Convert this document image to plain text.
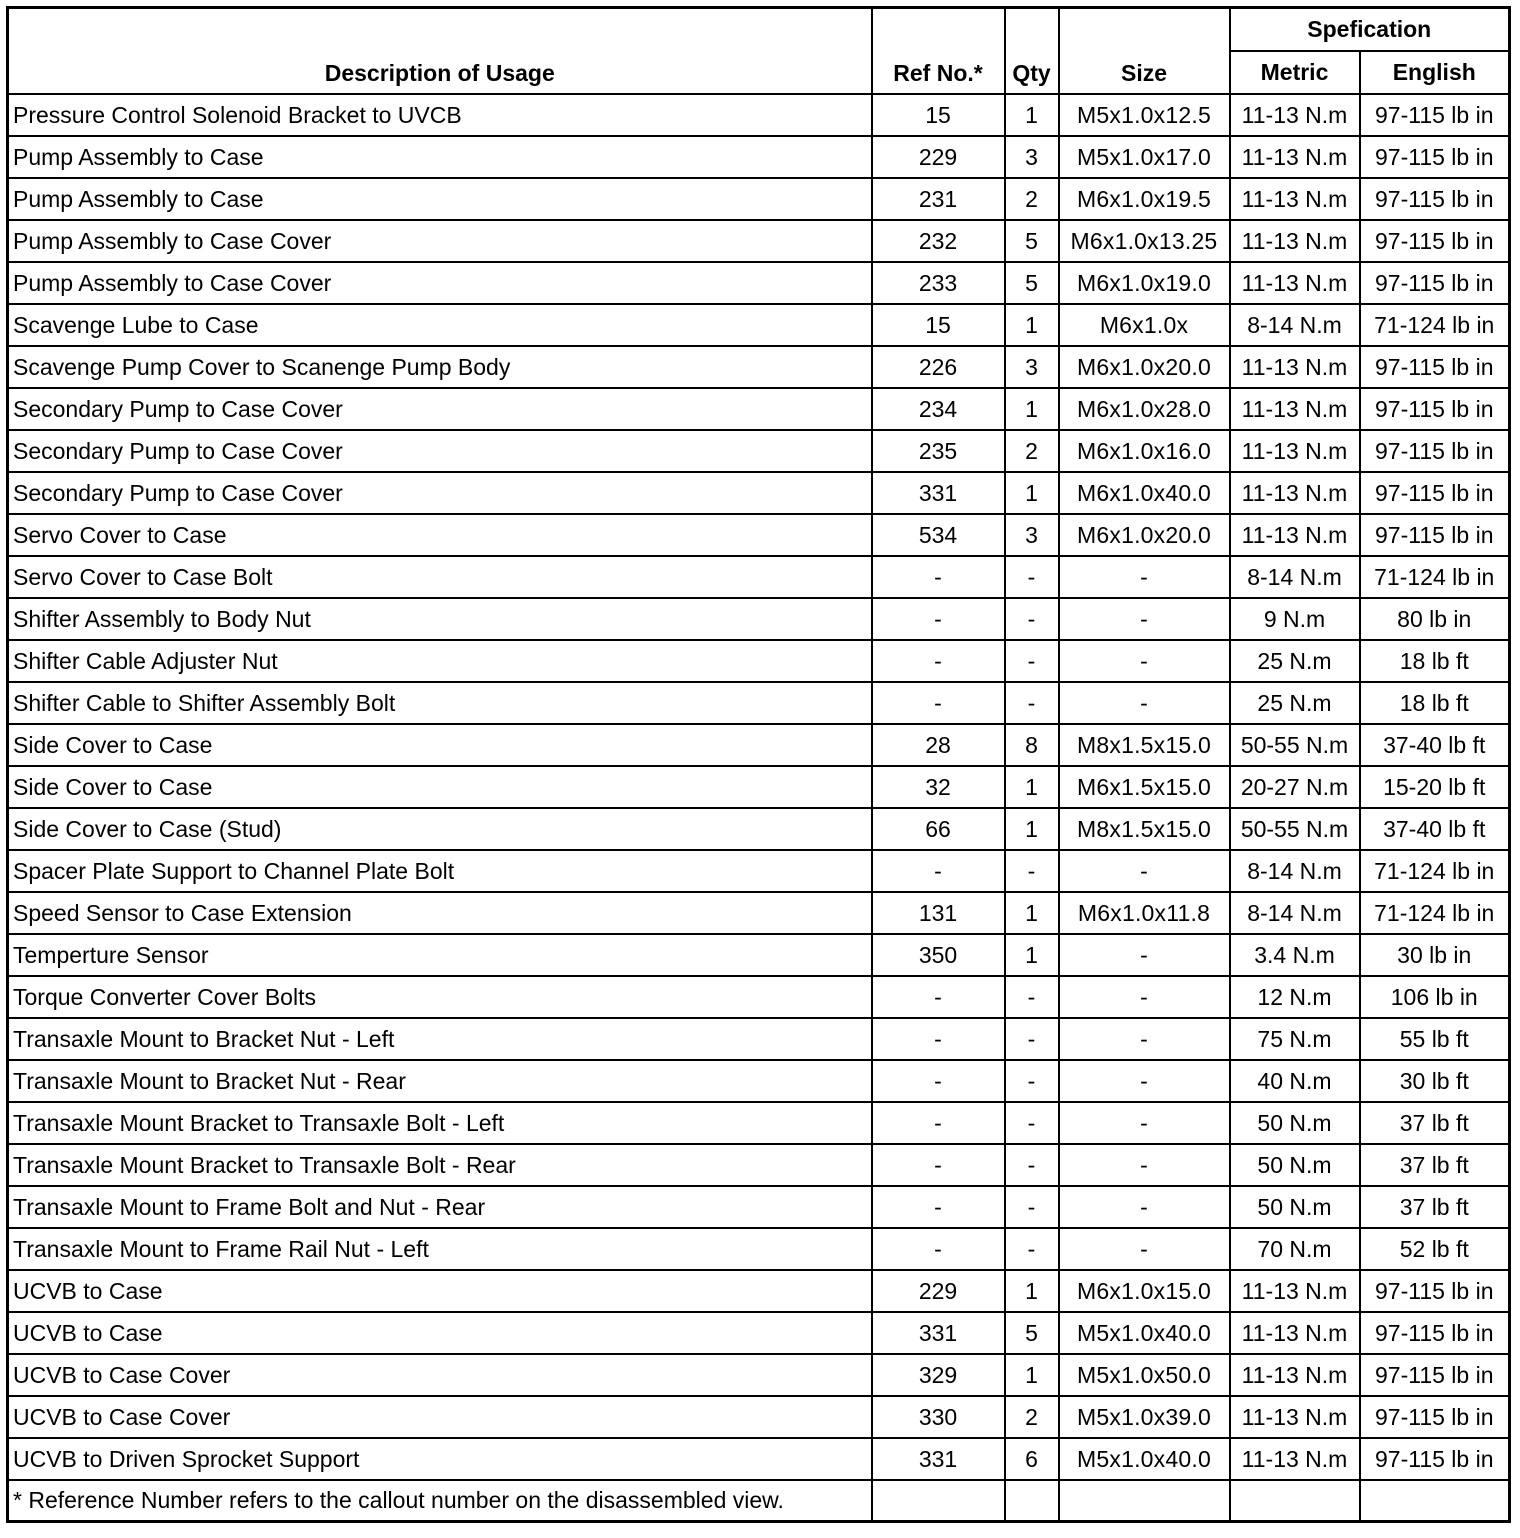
Description of Usage	Ref No.*	Qty	Size	Spefication	
				Metric	English
Pressure Control Solenoid Bracket to UVCB	15	1	M5x1.0x12.5	11-13 N.m	97-115 lb in
Pump Assembly to Case	229	3	M5x1.0x17.0	11-13 N.m	97-115 lb in
Pump Assembly to Case	231	2	M6x1.0x19.5	11-13 N.m	97-115 lb in
Pump Assembly to Case Cover	232	5	M6x1.0x13.25	11-13 N.m	97-115 lb in
Pump Assembly to Case Cover	233	5	M6x1.0x19.0	11-13 N.m	97-115 lb in
Scavenge Lube to Case	15	1	M6x1.0x	8-14 N.m	71-124 lb in
Scavenge Pump Cover to Scanenge Pump Body	226	3	M6x1.0x20.0	11-13 N.m	97-115 lb in
Secondary Pump to Case Cover	234	1	M6x1.0x28.0	11-13 N.m	97-115 lb in
Secondary Pump to Case Cover	235	2	M6x1.0x16.0	11-13 N.m	97-115 lb in
Secondary Pump to Case Cover	331	1	M6x1.0x40.0	11-13 N.m	97-115 lb in
Servo Cover to Case	534	3	M6x1.0x20.0	11-13 N.m	97-115 lb in
Servo Cover to Case Bolt	-	-	-	8-14 N.m	71-124 lb in
Shifter Assembly to Body Nut	-	-	-	9 N.m	80 lb in
Shifter Cable Adjuster Nut	-	-	-	25 N.m	18 lb ft
Shifter Cable to Shifter Assembly Bolt	-	-	-	25 N.m	18 lb ft
Side Cover to Case	28	8	M8x1.5x15.0	50-55 N.m	37-40 lb ft
Side Cover to Case	32	1	M6x1.5x15.0	20-27 N.m	15-20 lb ft
Side Cover to Case (Stud)	66	1	M8x1.5x15.0	50-55 N.m	37-40 lb ft
Spacer Plate Support to Channel Plate Bolt	-	-	-	8-14 N.m	71-124 lb in
Speed Sensor to Case Extension	131	1	M6x1.0x11.8	8-14 N.m	71-124 lb in
Temperture Sensor	350	1	-	3.4 N.m	30 lb in
Torque Converter Cover Bolts	-	-	-	12 N.m	106 lb in
Transaxle Mount to Bracket Nut - Left	-	-	-	75 N.m	55 lb ft
Transaxle Mount to Bracket Nut - Rear	-	-	-	40 N.m	30 lb ft
Transaxle Mount Bracket to Transaxle Bolt - Left	-	-	-	50 N.m	37 lb ft
Transaxle Mount Bracket to Transaxle Bolt - Rear	-	-	-	50 N.m	37 lb ft
Transaxle Mount to Frame Bolt and Nut - Rear	-	-	-	50 N.m	37 lb ft
Transaxle Mount to Frame Rail Nut - Left	-	-	-	70 N.m	52 lb ft
UCVB to Case	229	1	M6x1.0x15.0	11-13 N.m	97-115 lb in
UCVB to Case	331	5	M5x1.0x40.0	11-13 N.m	97-115 lb in
UCVB to Case Cover	329	1	M5x1.0x50.0	11-13 N.m	97-115 lb in
UCVB to Case Cover	330	2	M5x1.0x39.0	11-13 N.m	97-115 lb in
UCVB to Driven Sprocket Support	331	6	M5x1.0x40.0	11-13 N.m	97-115 lb in
* Reference Number refers to the callout number on the disassembled view.					
